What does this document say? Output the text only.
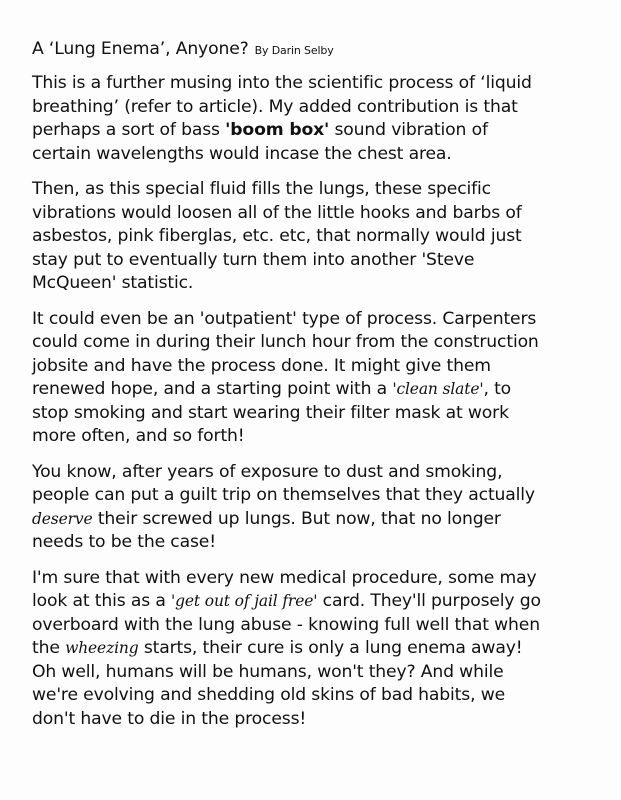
A ‘Lung Enema’, Anyone? By Darin Selby

This is a further musing into the scientific process of ‘liquid
breathing’ (refer to article). My added contribution is that
perhaps a sort of bass 'boom box' sound vibration of
certain wavelengths would incase the chest area.

Then, as this special fluid fills the lungs, these specific
vibrations would loosen all of the little hooks and barbs of
asbestos, pink fiberglas, etc. etc, that normally would just
stay put to eventually turn them into another 'Steve
McQueen' statistic.

It could even be an 'outpatient' type of process. Carpenters
could come in during their lunch hour from the construction
jobsite and have the process done. It might give them
renewed hope, and a starting point with a 'clean slate', to
stop smoking and start wearing their filter mask at work
more often, and so forth!

You know, after years of exposure to dust and smoking,
people can put a guilt trip on themselves that they actually
deserve their screwed up lungs. But now, that no longer
needs to be the case!

I'm sure that with every new medical procedure, some may
look at this as a 'get out of jail free' card. They'll purposely go
overboard with the lung abuse - knowing full well that when
the wheezing starts, their cure is only a lung enema away!
Oh well, humans will be humans, won't they? And while
we're evolving and shedding old skins of bad habits, we
don't have to die in the process!
